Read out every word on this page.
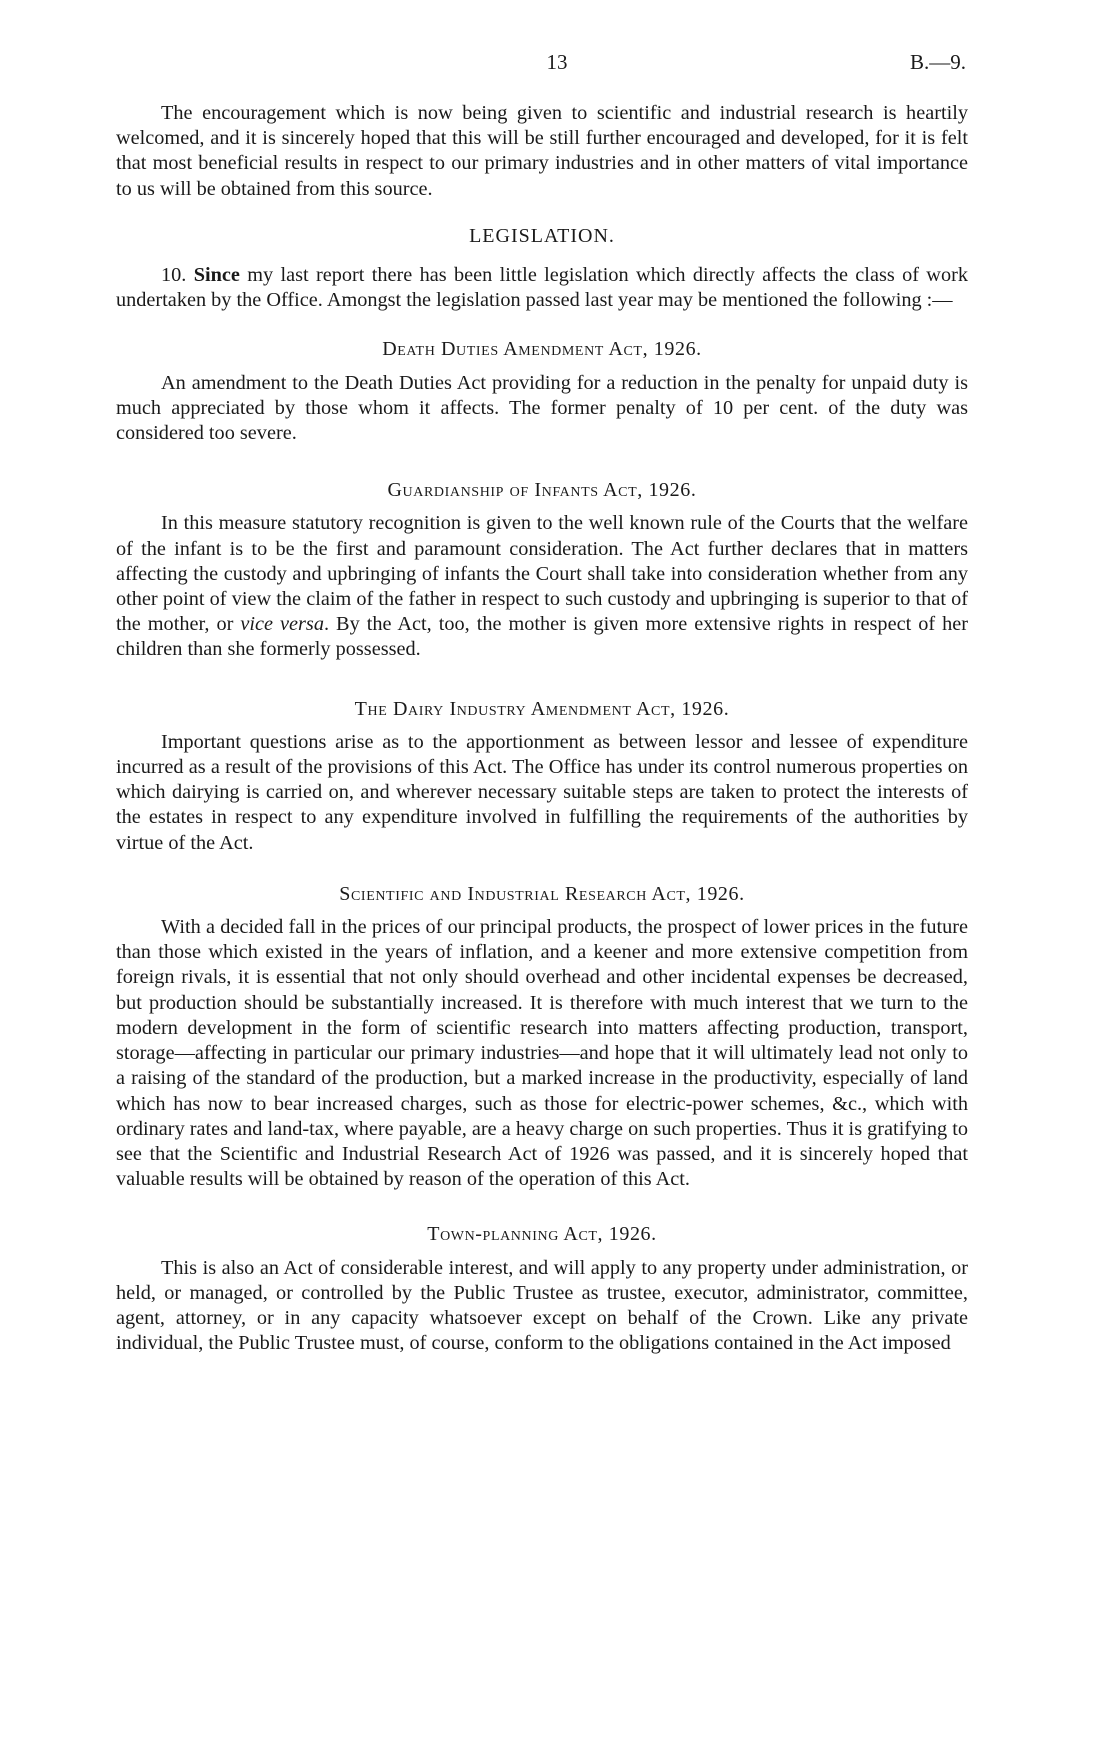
13	B.—9.

The encouragement which is now being given to scientific and industrial research is heartily welcomed, and it is sincerely hoped that this will be still further encouraged and developed, for it is felt that most beneficial results in respect to our primary industries and in other matters of vital importance to us will be obtained from this source.

LEGISLATION.

10. Since my last report there has been little legislation which directly affects the class of work undertaken by the Office. Amongst the legislation passed last year may be mentioned the following :—

Death Duties Amendment Act, 1926.

An amendment to the Death Duties Act providing for a reduction in the penalty for unpaid duty is much appreciated by those whom it affects. The former penalty of 10 per cent. of the duty was considered too severe.

Guardianship of Infants Act, 1926.

In this measure statutory recognition is given to the well known rule of the Courts that the welfare of the infant is to be the first and paramount consideration. The Act further declares that in matters affecting the custody and upbringing of infants the Court shall take into consideration whether from any other point of view the claim of the father in respect to such custody and upbringing is superior to that of the mother, or vice versa. By the Act, too, the mother is given more extensive rights in respect of her children than she formerly possessed.

The Dairy Industry Amendment Act, 1926.

Important questions arise as to the apportionment as between lessor and lessee of expenditure incurred as a result of the provisions of this Act. The Office has under its control numerous properties on which dairying is carried on, and wherever necessary suitable steps are taken to protect the interests of the estates in respect to any expenditure involved in fulfilling the requirements of the authorities by virtue of the Act.

Scientific and Industrial Research Act, 1926.

With a decided fall in the prices of our principal products, the prospect of lower prices in the future than those which existed in the years of inflation, and a keener and more extensive competition from foreign rivals, it is essential that not only should overhead and other incidental expenses be decreased, but production should be substantially increased. It is therefore with much interest that we turn to the modern development in the form of scientific research into matters affecting production, transport, storage—affecting in particular our primary industries—and hope that it will ultimately lead not only to a raising of the standard of the production, but a marked increase in the productivity, especially of land which has now to bear increased charges, such as those for electric-power schemes, &c., which with ordinary rates and land-tax, where payable, are a heavy charge on such properties. Thus it is gratifying to see that the Scientific and Industrial Research Act of 1926 was passed, and it is sincerely hoped that valuable results will be obtained by reason of the operation of this Act.

Town-planning Act, 1926.

This is also an Act of considerable interest, and will apply to any property under administration, or held, or managed, or controlled by the Public Trustee as trustee, executor, administrator, committee, agent, attorney, or in any capacity whatsoever except on behalf of the Crown. Like any private individual, the Public Trustee must, of course, conform to the obligations contained in the Act imposed
